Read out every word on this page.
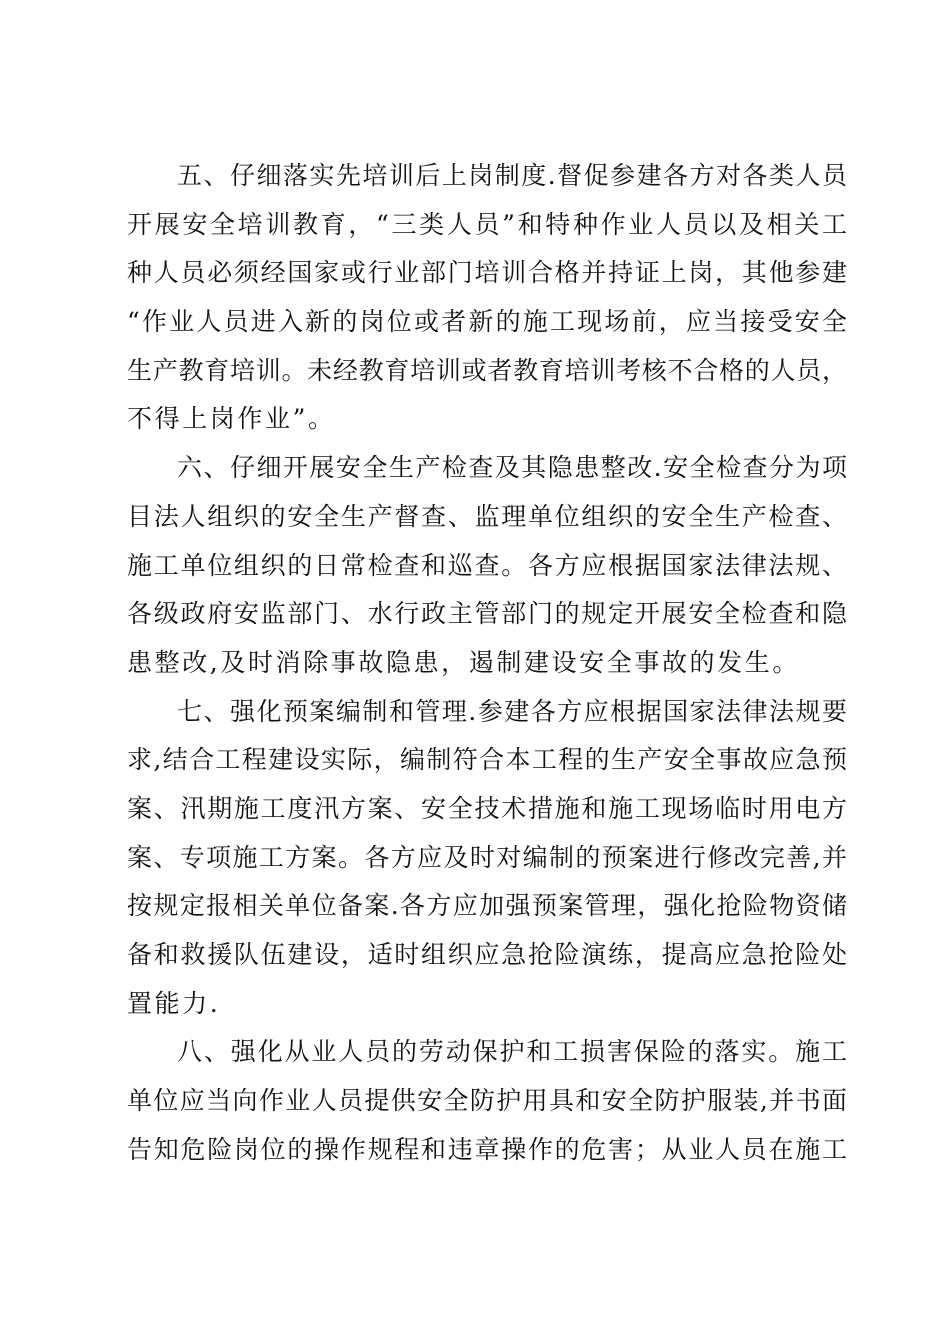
五、仔细落实先培训后上岗制度.督促参建各方对各类人员
开展安全培训教育，“三类人员”和特种作业人员以及相关工
种人员必须经国家或行业部门培训合格并持证上岗，其他参建
“作业人员进入新的岗位或者新的施工现场前，应当接受安全
生产教育培训。未经教育培训或者教育培训考核不合格的人员，
不得上岗作业”。
六、仔细开展安全生产检查及其隐患整改.安全检查分为项
目法人组织的安全生产督查、监理单位组织的安全生产检查、
施工单位组织的日常检查和巡查。各方应根据国家法律法规、
各级政府安监部门、水行政主管部门的规定开展安全检查和隐
患整改,及时消除事故隐患，遏制建设安全事故的发生。
七、强化预案编制和管理.参建各方应根据国家法律法规要
求,结合工程建设实际，编制符合本工程的生产安全事故应急预
案、汛期施工度汛方案、安全技术措施和施工现场临时用电方
案、专项施工方案。各方应及时对编制的预案进行修改完善,并
按规定报相关单位备案.各方应加强预案管理，强化抢险物资储
备和救援队伍建设，适时组织应急抢险演练，提高应急抢险处
置能力.
八、强化从业人员的劳动保护和工损害保险的落实。施工
单位应当向作业人员提供安全防护用具和安全防护服装,并书面
告知危险岗位的操作规程和违章操作的危害；从业人员在施工
